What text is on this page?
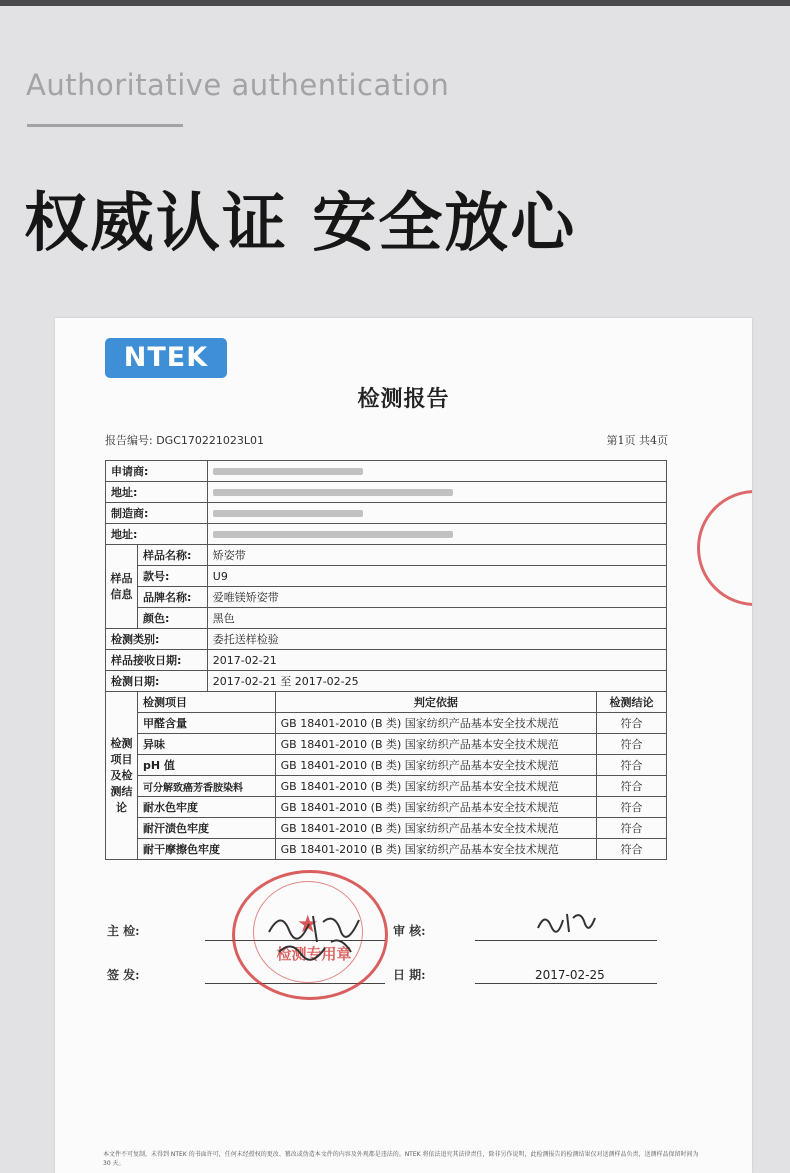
Authoritative authentication
权威认证 安全放心
NTEK
检测报告
报告编号: DGC170221023L01	第1页 共4页
申请商:				
地址:				
制造商:				
地址:				
样品信息	样品名称:	矫姿带		
	款号:	U9		
	品牌名称:	爱唯镁矫姿带		
	颜色:	黑色		
检测类别:		委托送样检验		
样品接收日期:		2017-02-21		
检测日期:		2017-02-21 至 2017-02-25		
检测项目及检测结论	检测项目		判定依据	检测结论
	甲醛含量		GB 18401-2010 (B 类) 国家纺织产品基本安全技术规范	符合
	异味		GB 18401-2010 (B 类) 国家纺织产品基本安全技术规范	符合
	pH 值		GB 18401-2010 (B 类) 国家纺织产品基本安全技术规范	符合
	可分解致癌芳香胺染料		GB 18401-2010 (B 类) 国家纺织产品基本安全技术规范	符合
	耐水色牢度		GB 18401-2010 (B 类) 国家纺织产品基本安全技术规范	符合
	耐汗渍色牢度		GB 18401-2010 (B 类) 国家纺织产品基本安全技术规范	符合
	耐干摩擦色牢度		GB 18401-2010 (B 类) 国家纺织产品基本安全技术规范	符合
主 检:	审 核:
签 发:	日 期:	2017-02-25
★
检测专用章
本文件不可复制，未得到 NTEK 的书面许可，任何未经授权的更改、篡改或伪造本文件的内容及外观都是违法的。NTEK 将依法追究其法律责任，除非另作说明，此检测报告的检测结果仅对送测样品负责，送测样品保留时间为 30 天。
